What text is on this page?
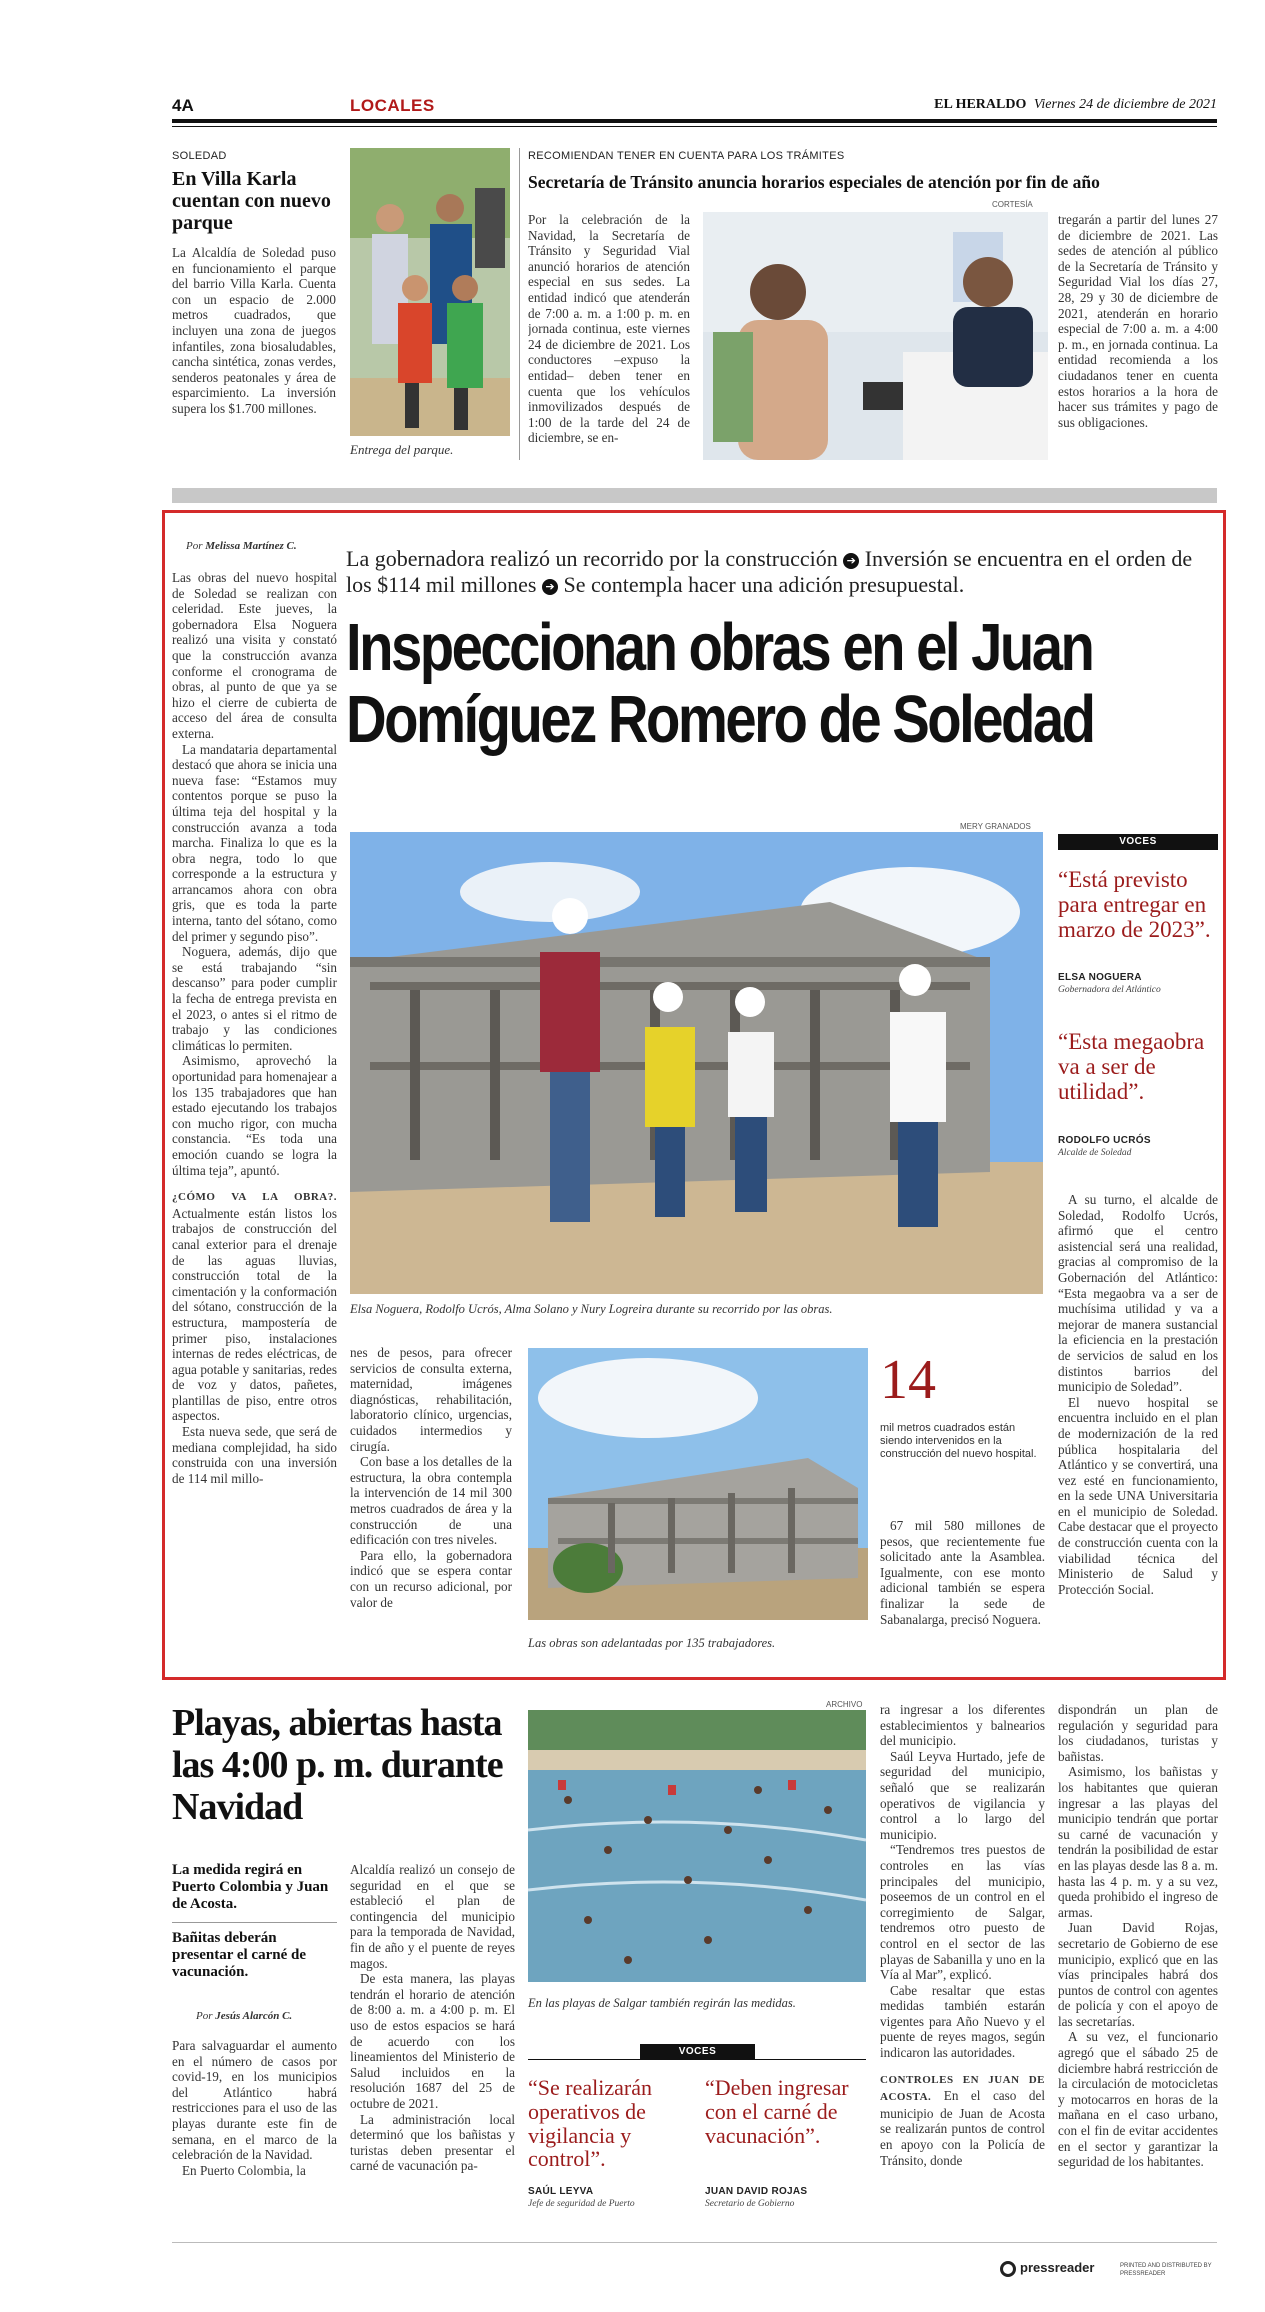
4A	LOCALES	EL HERALDO Viernes 24 de diciembre de 2021
SOLEDAD
En Villa Karla cuentan con nuevo parque

La Alcaldía de Soledad puso en funcionamiento el parque del barrio Villa Karla. Cuenta con un espacio de 2.000 metros cuadrados, que incluyen una zona de juegos infantiles, zona biosaludables, cancha sintética, zonas verdes, senderos peatonales y área de esparcimiento. La inversión supera los $1.700 millones.

Entrega del parque.
RECOMIENDAN TENER EN CUENTA PARA LOS TRÁMITES
Secretaría de Tránsito anuncia horarios especiales de atención por fin de año
CORTESÍA

Por la celebración de la Navidad, la Secretaría de Tránsito y Seguridad Vial anunció horarios de atención especial en sus sedes. La entidad indicó que atenderán de 7:00 a. m. a 1:00 p. m. en jornada continua, este viernes 24 de diciembre de 2021. Los conductores –expuso la entidad– deben tener en cuenta que los vehículos inmovilizados después de 1:00 de la tarde del 24 de diciembre, se en-

tregarán a partir del lunes 27 de diciembre de 2021. Las sedes de atención al público de la Secretaría de Tránsito y Seguridad Vial los días 27, 28, 29 y 30 de diciembre de 2021, atenderán en horario especial de 7:00 a. m. a 4:00 p. m., en jornada continua. La entidad recomienda a los ciudadanos tener en cuenta estos horarios a la hora de hacer sus trámites y pago de sus obligaciones.

Por Melissa Martínez C. La gobernadora realizó un recorrido por la construcción ➔ Inversión se encuentra en el orden de los $114 mil millones ➔ Se contempla hacer una adición presupuestal.
Inspeccionan obras en el Juan Domíguez Romero de Soledad

Las obras del nuevo hospital de Soledad se realizan con celeridad. Este jueves, la gobernadora Elsa Noguera realizó una visita y constató que la construcción avanza conforme el cronograma de obras, al punto de que ya se hizo el cierre de cubierta de acceso del área de consulta externa.

La mandataria departamental destacó que ahora se inicia una nueva fase: “Estamos muy contentos porque se puso la última teja del hospital y la construcción avanza a toda marcha. Finaliza lo que es la obra negra, todo lo que corresponde a la estructura y arrancamos ahora con obra gris, que es toda la parte interna, tanto del sótano, como del primer y segundo piso”.

Noguera, además, dijo que se está trabajando “sin descanso” para poder cumplir la fecha de entrega prevista en el 2023, o antes si el ritmo de trabajo y las condiciones climáticas lo permiten.

Asimismo, aprovechó la oportunidad para homenajear a los 135 trabajadores que han estado ejecutando los trabajos con mucho rigor, con mucha constancia. “Es toda una emoción cuando se logra la última teja”, apuntó.

¿CÓMO VA LA OBRA?. Actualmente están listos los trabajos de construcción del canal exterior para el drenaje de las aguas lluvias, construcción total de la cimentación y la conformación del sótano, construcción de la estructura, mampostería de primer piso, instalaciones internas de redes eléctricas, de agua potable y sanitarias, redes de voz y datos, pañetes, plantillas de piso, entre otros aspectos.

Esta nueva sede, que será de mediana complejidad, ha sido construida con una inversión de 114 mil millo-

MERY GRANADOS
Elsa Noguera, Rodolfo Ucrós, Alma Solano y Nury Logreira durante su recorrido por las obras.

nes de pesos, para ofrecer servicios de consulta externa, maternidad, imágenes diagnósticas, rehabilitación, laboratorio clínico, urgencias, cuidados intermedios y cirugía.

Con base a los detalles de la estructura, la obra contempla la intervención de 14 mil 300 metros cuadrados de área y la construcción de una edificación con tres niveles.

Para ello, la gobernadora indicó que se espera contar con un recurso adicional, por valor de

Las obras son adelantadas por 135 trabajadores.
14
mil metros cuadrados están siendo intervenidos en la construcción del nuevo hospital.

67 mil 580 millones de pesos, que recientemente fue solicitado ante la Asamblea. Igualmente, con ese monto adicional también se espera finalizar la sede de Sabanalarga, precisó Noguera.

VOCES
“Está previsto para entregar en marzo de 2023”.
ELSA NOGUERA
Gobernadora del Atlántico
“Esta megaobra va a ser de utilidad”.
RODOLFO UCRÓS
Alcalde de Soledad

A su turno, el alcalde de Soledad, Rodolfo Ucrós, afirmó que el centro asistencial será una realidad, gracias al compromiso de la Gobernación del Atlántico: “Esta megaobra va a ser de muchísima utilidad y va a mejorar de manera sustancial la eficiencia en la prestación de servicios de salud en los distintos barrios del municipio de Soledad”.

El nuevo hospital se encuentra incluido en el plan de modernización de la red pública hospitalaria del Atlántico y se convertirá, una vez esté en funcionamiento, en la sede UNA Universitaria en el municipio de Soledad. Cabe destacar que el proyecto de construcción cuenta con la viabilidad técnica del Ministerio de Salud y Protección Social.

Playas, abiertas hasta las 4:00 p. m. durante Navidad
La medida regirá en Puerto Colombia y Juan de Acosta.
Bañitas deberán presentar el carné de vacunación.
Por Jesús Alarcón C.

Para salvaguardar el aumento en el número de casos por covid-19, en los municipios del Atlántico habrá restricciones para el uso de las playas durante este fin de semana, en el marco de la celebración de la Navidad.

En Puerto Colombia, la

Alcaldía realizó un consejo de seguridad en el que se estableció el plan de contingencia del municipio para la temporada de Navidad, fin de año y el puente de reyes magos.

De esta manera, las playas tendrán el horario de atención de 8:00 a. m. a 4:00 p. m. El uso de estos espacios se hará de acuerdo con los lineamientos del Ministerio de Salud incluidos en la resolución 1687 del 25 de octubre de 2021.

La administración local determinó que los bañistas y turistas deben presentar el carné de vacunación pa-

ARCHIVO
En las playas de Salgar también regirán las medidas.
VOCES
“Se realizarán operativos de vigilancia y control”.
SAÚL LEYVA
Jefe de seguridad de Puerto
“Deben ingresar con el carné de vacunación”.
JUAN DAVID ROJAS
Secretario de Gobierno

ra ingresar a los diferentes establecimientos y balnearios del municipio.

Saúl Leyva Hurtado, jefe de seguridad del municipio, señaló que se realizarán operativos de vigilancia y control a lo largo del municipio.

“Tendremos tres puestos de controles en las vías principales del municipio, poseemos de un control en el corregimiento de Salgar, tendremos otro puesto de control en el sector de las playas de Sabanilla y uno en la Vía al Mar”, explicó.

Cabe resaltar que estas medidas también estarán vigentes para Año Nuevo y el puente de reyes magos, según indicaron las autoridades.

CONTROLES EN JUAN DE ACOSTA. En el caso del municipio de Juan de Acosta se realizarán puntos de control en apoyo con la Policía de Tránsito, donde

dispondrán un plan de regulación y seguridad para los ciudadanos, turistas y bañistas.

Asimismo, los bañistas y los habitantes que quieran ingresar a las playas del municipio tendrán que portar su carné de vacunación y tendrán la posibilidad de estar en las playas desde las 8 a. m. hasta las 4 p. m. y a su vez, queda prohibido el ingreso de armas.

Juan David Rojas, secretario de Gobierno de ese municipio, explicó que en las vías principales habrá dos puntos de control con agentes de policía y con el apoyo de las secretarías.

A su vez, el funcionario agregó que el sábado 25 de diciembre habrá restricción de la circulación de motocicletas y motocarros en horas de la mañana en el caso urbano, con el fin de evitar accidentes en el sector y garantizar la seguridad de los habitantes.

pressreader	PRINTED AND DISTRIBUTED BY PRESSREADER
